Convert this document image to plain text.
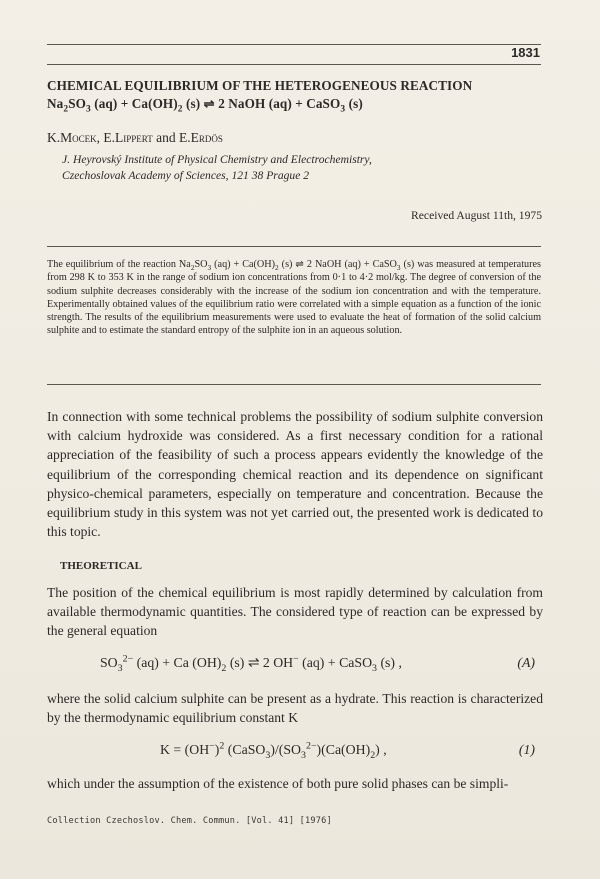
1831
CHEMICAL EQUILIBRIUM OF THE HETEROGENEOUS REACTION
$Na_2SO_3$ $(aq) + Ca(OH)_2$ (s) ⇌ 2 NaOH (aq) + CaSO$_3$ (s)
K.Mocek, E.Lippert and E.Erdös
J. Heyrovský Institute of Physical Chemistry and Electrochemistry,
Czechoslovak Academy of Sciences, 121 38 Prague 2
Received August 11th, 1975
The equilibrium of the reaction $Na_2SO_3$ $(aq) + Ca(OH)_2$ (s) ⇌ 2 NaOH (aq) + CaSO$_3$ (s) was measured at temperatures from 298 K to 353 K in the range of sodium ion concentrations from 0·1 to 4·2 mol/kg. The degree of conversion of the sodium sulphite decreases considerably with the increase of the sodium ion concentration and with the temperature. Experimentally obtained values of the equilibrium ratio were correlated with a simple equation as a function of the ionic strength. The results of the equilibrium measurements were used to evaluate the heat of formation of the solid calcium sulphite and to estimate the standard entropy of the sulphite ion in an aqueous solution.
In connection with some technical problems the possibility of sodium sulphite conversion with calcium hydroxide was considered. As a first necessary condition for a rational appreciation of the feasibility of such a process appears evidently the knowledge of the equilibrium of the corresponding chemical reaction and its dependence on significant physico-chemical parameters, especially on temperature and concentration. Because the equilibrium study in this system was not yet carried out, the presented work is dedicated to this topic.
THEORETICAL
The position of the chemical equilibrium is most rapidly determined by calculation from available thermodynamic quantities. The considered type of reaction can be expressed by the general equation
$SO_3^{2-}$ (aq) + Ca $(OH)_2$ (s) ⇌ 2 OH− (aq) + CaSO$_3$ (s) ,	(A)
where the solid calcium sulphite can be present as a hydrate. This reaction is characterized by the thermodynamic equilibrium constant K
$K = (OH^-)^2$ $(CaSO_3)/(SO_3^{2-})(Ca(OH)_2)$ ,	(1)
which under the assumption of the existence of both pure solid phases can be simpli-
Collection Czechoslov. Chem. Commun. [Vol. 41] [1976]
